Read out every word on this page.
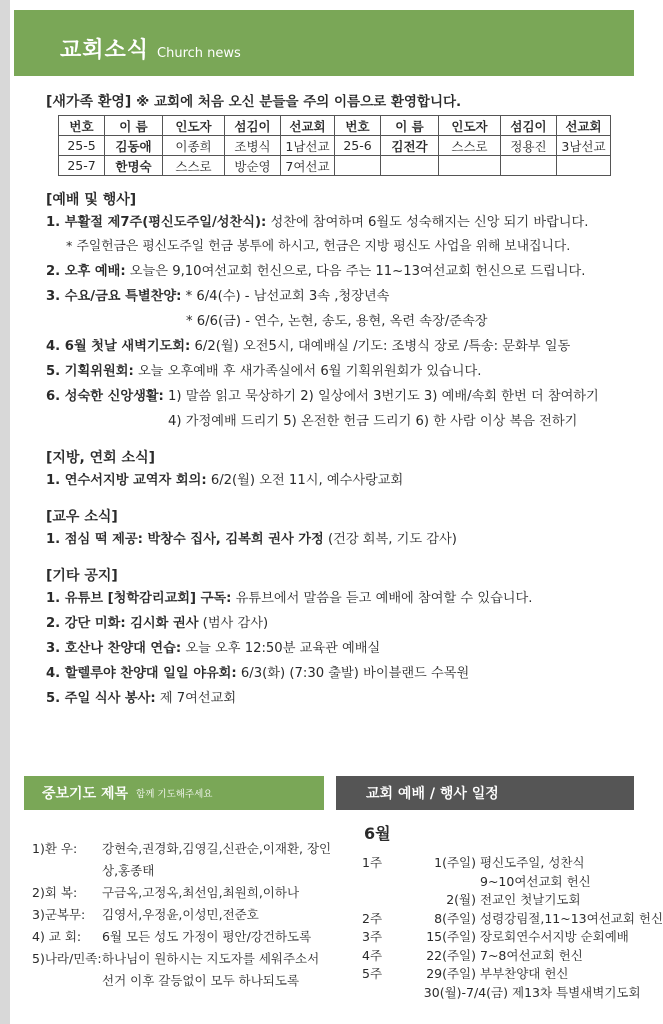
교회소식 Church news
[새가족 환영] ※ 교회에 처음 오신 분들을 주의 이름으로 환영합니다.
번호	이 름	인도자	섬김이	선교회	번호	이 름	인도자	섬김이	선교회
25-5	김동애	이종희	조병식	1남선교	25-6	김전각	스스로	정용진	3남선교
25-7	한명숙	스스로	방순영	7여선교					
[예배 및 행사]
1. 부활절 제7주(평신도주일/성찬식): 성찬에 참여하며 6월도 성숙해지는 신앙 되기 바랍니다.
* 주일헌금은 평신도주일 헌금 봉투에 하시고, 헌금은 지방 평신도 사업을 위해 보내집니다.
2. 오후 예배: 오늘은 9,10여선교회 헌신으로, 다음 주는 11~13여선교회 헌신으로 드립니다.
3. 수요/금요 특별찬양: * 6/4(수) - 남선교회 3속 ,청장년속
* 6/6(금) - 연수, 논현, 송도, 용현, 옥련 속장/준속장
4. 6월 첫날 새벽기도회: 6/2(월) 오전5시, 대예배실 /기도: 조병식 장로 /특송: 문화부 일동
5. 기획위원회: 오늘 오후예배 후 새가족실에서 6월 기획위원회가 있습니다.
6. 성숙한 신앙생활: 1) 말씀 읽고 묵상하기 2) 일상에서 3번기도 3) 예배/속회 한번 더 참여하기
4) 가정예배 드리기 5) 온전한 헌금 드리기 6) 한 사람 이상 복음 전하기
[지방, 연회 소식]
1. 연수서지방 교역자 회의: 6/2(월) 오전 11시, 예수사랑교회
[교우 소식]
1. 점심 떡 제공: 박창수 집사, 김복희 권사 가정 (건강 회복, 기도 감사)
[기타 공지]
1. 유튜브 [청학감리교회] 구독: 유튜브에서 말씀을 듣고 예배에 참여할 수 있습니다.
2. 강단 미화: 김시화 권사 (범사 감사)
3. 호산나 찬양대 연습: 오늘 오후 12:50분 교육관 예배실
4. 할렐루야 찬양대 일일 야유회: 6/3(화) (7:30 출발) 바이블랜드 수목원
5. 주일 식사 봉사: 제 7여선교회
중보기도 제목 함께 기도해주세요	교회 예배 / 행사 일정
1)환 우:	강현숙,권경화,김영길,신관순,이재환, 장인상,홍종태
2)회 복:	구금옥,고정옥,최선임,최원희,이하나
3)군복무:	김영서,우정윤,이성민,전준호
4) 교 회:	6월 모든 성도 가정이 평안/강건하도록
5)나라/민족: 하나님이 원하시는 지도자를 세워주소서 선거 이후 갈등없이 모두 하나되도록
6월
1주	1(주일) 평신도주일, 성찬식
9~10여선교회 헌신
2(월) 전교인 첫날기도회
2주	8(주일) 성령강림절,11~13여선교회 헌신
3주	15(주일) 장로회연수서지방 순회예배
4주	22(주일) 7~8여선교회 헌신
5주	29(주일) 부부찬양대 헌신
30(월)-7/4(금) 제13차 특별새벽기도회
